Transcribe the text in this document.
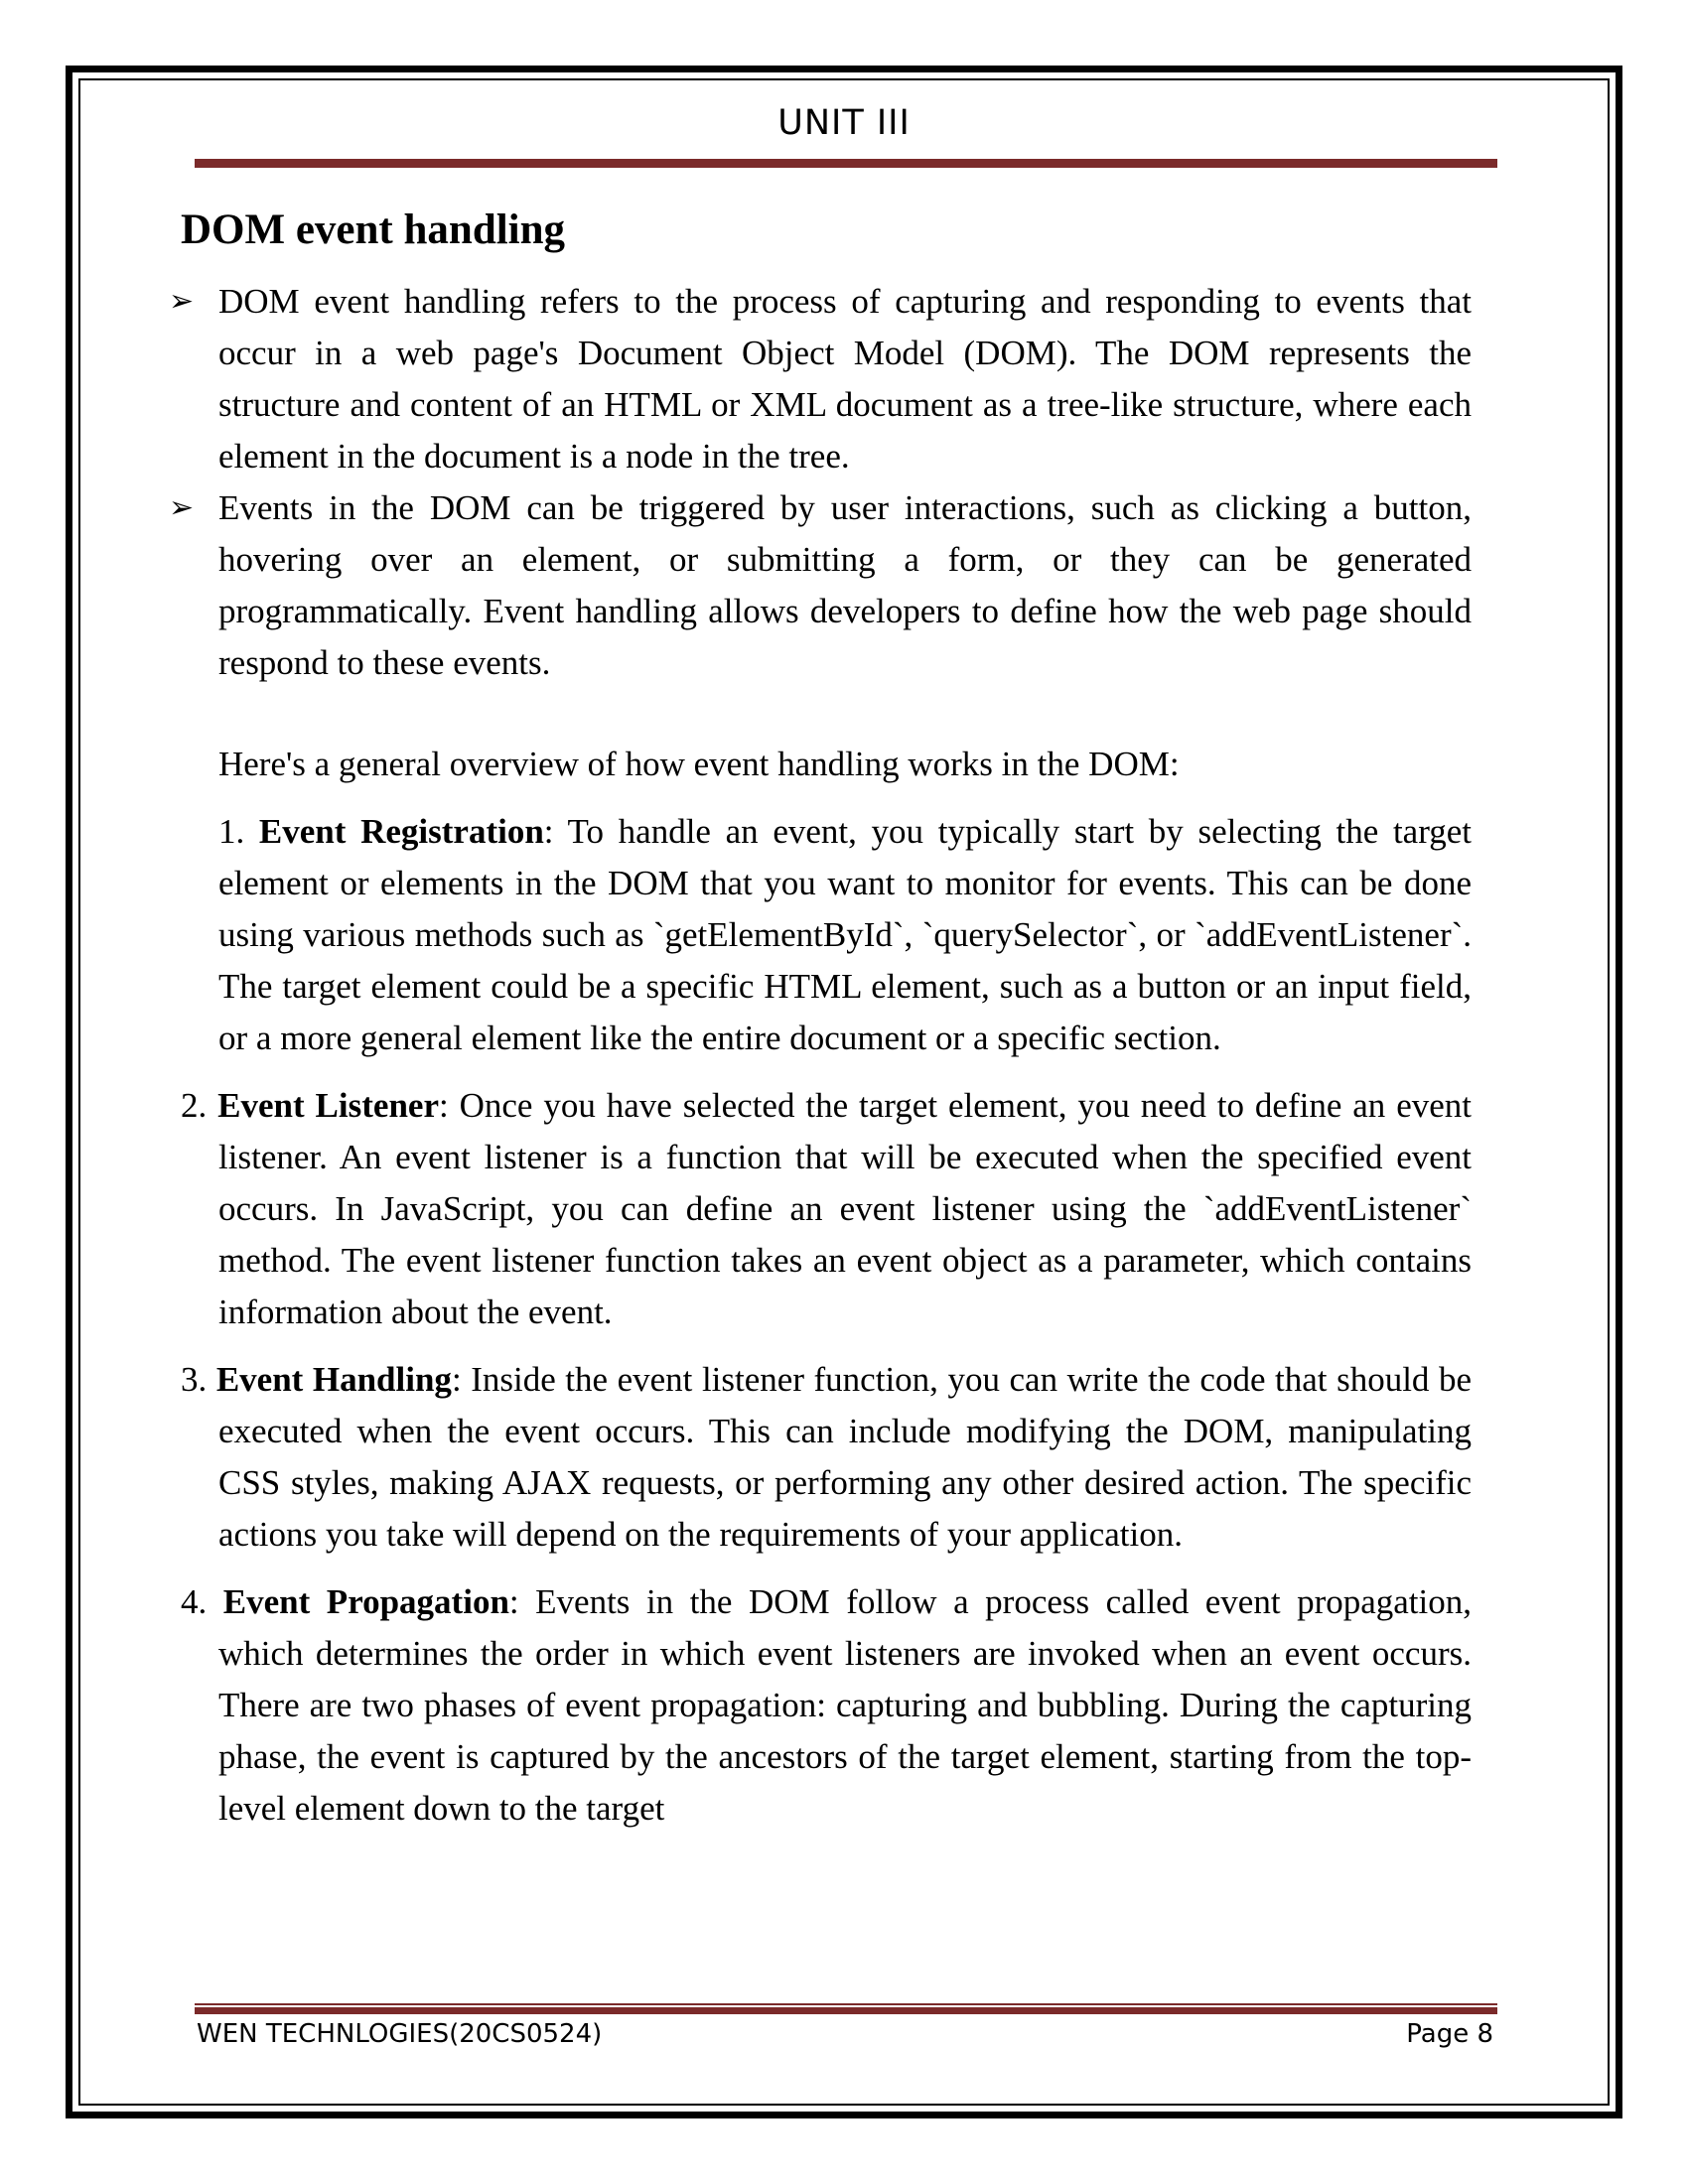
UNIT III
DOM event handling
➢ DOM event handling refers to the process of capturing and responding to events that occur in a web page's Document Object Model (DOM). The DOM represents the structure and content of an HTML or XML document as a tree-like structure, where each element in the document is a node in the tree.
➢ Events in the DOM can be triggered by user interactions, such as clicking a button, hovering over an element, or submitting a form, or they can be generated programmatically. Event handling allows developers to define how the web page should respond to these events.
Here's a general overview of how event handling works in the DOM:
1. Event Registration: To handle an event, you typically start by selecting the target element or elements in the DOM that you want to monitor for events. This can be done using various methods such as `getElementById`, `querySelector`, or `addEventListener`. The target element could be a specific HTML element, such as a button or an input field, or a more general element like the entire document or a specific section.
2. Event Listener: Once you have selected the target element, you need to define an event listener. An event listener is a function that will be executed when the specified event occurs. In JavaScript, you can define an event listener using the `addEventListener` method. The event listener function takes an event object as a parameter, which contains information about the event.
3. Event Handling: Inside the event listener function, you can write the code that should be executed when the event occurs. This can include modifying the DOM, manipulating CSS styles, making AJAX requests, or performing any other desired action. The specific actions you take will depend on the requirements of your application.
4. Event Propagation: Events in the DOM follow a process called event propagation, which determines the order in which event listeners are invoked when an event occurs. There are two phases of event propagation: capturing and bubbling. During the capturing phase, the event is captured by the ancestors of the target element, starting from the top-level element down to the target
WEN TECHNLOGIES(20CS0524)	Page 8
